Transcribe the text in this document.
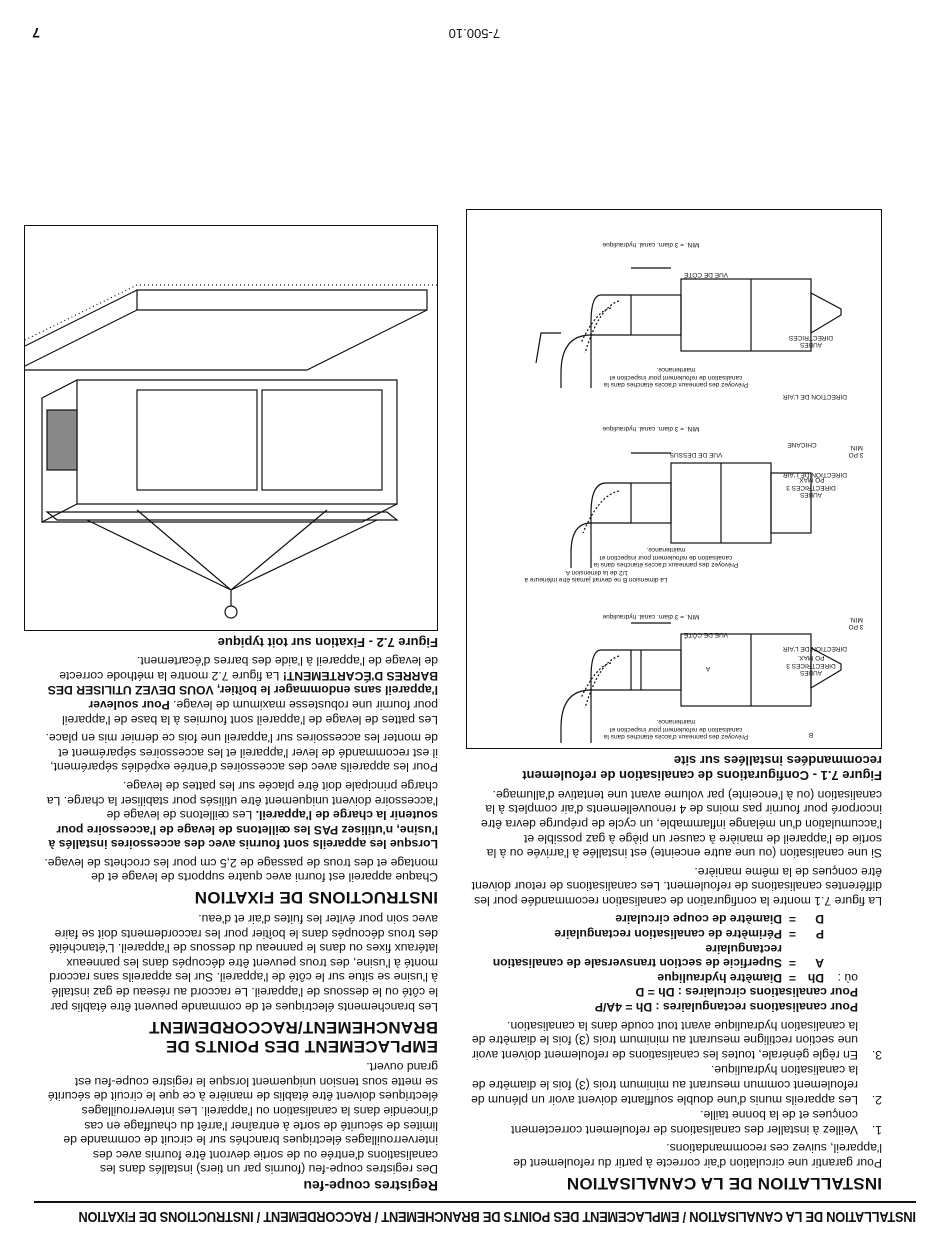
INSTALLATION DE LA CANALISATION / EMPLACEMENT DES POINTS DE BRANCHEMENT / RACCORDEMENT / INSTRUCTIONS DE FIXATION
INSTALLATION DE LA CANALISATION

Pour garantir une circulation d'air correcte à partir du refoulement de l'appareil, suivez ces recommandations.

1.
Veillez à installer des canalisations de refoulement correctement conçues et de la bonne taille.
2.
Les appareils munis d'une double soufflante doivent avoir un plénum de refoulement commun mesurant au minimum trois (3) fois le diamètre de la canalisation hydraulique.
3.
En règle générale, toutes les canalisations de refoulement doivent avoir une section rectiligne mesurant au minimum trois (3) fois le diamètre de la canalisation hydraulique avant tout coude dans la canalisation.
Pour canalisations rectangulaires : Dh = 4A/P
Pour canalisations circulaires : Dh = D
où :
Dh
=
Diamètre hydraulique
A
=
Superficie de section transversale de canalisation rectangulaire
P
=
Périmètre de canalisation rectangulaire
D
=
Diamètre de coupe circulaire

La figure 7.1 montre la configuration de canalisation recommandée pour les différentes canalisations de refoulement. Les canalisations de retour doivent être conçues de la même manière.

Si une canalisation (ou une autre enceinte) est installée à l'arrivée ou à la sortie de l'appareil de manière à causer un piège à gaz possible et l'accumulation d'un mélange inflammable, un cycle de prépurge devra être incorporé pour fournir pas moins de 4 renouvellements d'air complets à la canalisation (ou à l'enceinte) par volume avant une tentative d'allumage.

Figure 7.1 - Configurations de canalisation de refoulement recommandées installées sur site
3 PO MIN.
AUBES DIRECTRICES 3 PO MAX.
DIRECTION DE L'AIR
VUE DE CÔTÉ
MIN. = 3 diam. canal. hydraulique
Prévoyez des panneaux d'accès étanches dans la canalisation de refoulement pour inspection et maintenance.
A
B
3 PO MIN.
AUBES DIRECTRICES 3 PO MAX.
DIRECTION DE L'AIR
VUE DE DESSUS
MIN. = 3 diam. canal. hydraulique
Prévoyez des panneaux d'accès étanches dans la canalisation de refoulement pour inspection et maintenance.
La dimension B ne devrait jamais être inférieure à 1/2 de la dimension A.
CHICANE
DIRECTION DE L'AIR
AUBES DIRECTRICES
VUE DE CÔTÉ
MIN. = 3 diam. canal. hydraulique
Prévoyez des panneaux d'accès étanches dans la canalisation de refoulement pour inspection et maintenance.
Registres coupe-feu

Des registres coupe-feu (fournis par un tiers) installés dans les canalisations d'entrée ou de sortie devront être fournis avec des interverrouillages électriques branchés sur le circuit de commande de limites de sécurité de sorte à entraîner l'arrêt du chauffage en cas d'incendie dans la canalisation ou l'appareil. Les interverrouillages électriques doivent être établis de manière à ce que le circuit de sécurité se mette sous tension uniquement lorsque le registre coupe-feu est grand ouvert.

EMPLACEMENT DES POINTS DE BRANCHEMENT/RACCORDEMENT

Les branchements électriques et de commande peuvent être établis par le côté ou le dessous de l'appareil. Le raccord au réseau de gaz installé à l'usine se situe sur le côté de l'appareil. Sur les appareils sans raccord monté à l'usine, des trous peuvent être découpés dans les panneaux latéraux fixes ou dans le panneau du dessous de l'appareil. L'étanchéité des trous découpés dans le boîtier pour les raccordements doit se faire avec soin pour éviter les fuites d'air et d'eau.

INSTRUCTIONS DE FIXATION

Chaque appareil est fourni avec quatre supports de levage et de montage et des trous de passage de 2,5 cm pour les crochets de levage.

Lorsque les appareils sont fournis avec des accessoires installés à l'usine, n'utilisez PAS les œilletons de levage de l'accessoire pour soutenir la charge de l'appareil. Les œilletons de levage de l'accessoire doivent uniquement être utilisés pour stabiliser la charge. La charge principale doit être placée sur les pattes de levage.

Pour les appareils avec des accessoires d'entrée expédiés séparément, il est recommandé de lever l'appareil et les accessoires séparément et de monter les accessoires sur l'appareil une fois ce dernier mis en place.

Les pattes de levage de l'appareil sont fournies à la base de l'appareil pour fournir une robustesse maximum de levage. Pour soulever l'appareil sans endommager le boîtier, VOUS DEVEZ UTILISER DES BARRES D'ÉCARTEMENT! La figure 7.2 montre la méthode correcte de levage de l'appareil à l'aide des barres d'écartement.

Figure 7.2 - Fixation sur toit typique
7-500.10
7
